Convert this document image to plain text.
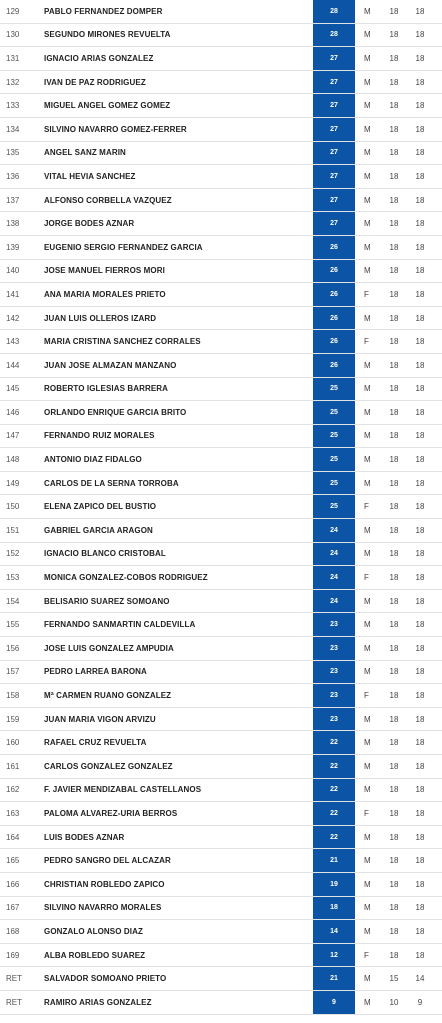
129	PABLO FERNANDEZ DOMPER	28	M	18	18
130	SEGUNDO MIRONES REVUELTA	28	M	18	18
131	IGNACIO ARIAS GONZALEZ	27	M	18	18
132	IVAN DE PAZ RODRIGUEZ	27	M	18	18
133	MIGUEL ANGEL GOMEZ GOMEZ	27	M	18	18
134	SILVINO NAVARRO GOMEZ-FERRER	27	M	18	18
135	ANGEL SANZ MARIN	27	M	18	18
136	VITAL HEVIA SANCHEZ	27	M	18	18
137	ALFONSO CORBELLA VAZQUEZ	27	M	18	18
138	JORGE BODES AZNAR	27	M	18	18
139	EUGENIO SERGIO FERNANDEZ GARCIA	26	M	18	18
140	JOSE MANUEL FIERROS MORI	26	M	18	18
141	ANA MARIA MORALES PRIETO	26	F	18	18
142	JUAN LUIS OLLEROS IZARD	26	M	18	18
143	MARIA CRISTINA SANCHEZ CORRALES	26	F	18	18
144	JUAN JOSE ALMAZAN MANZANO	26	M	18	18
145	ROBERTO IGLESIAS BARRERA	25	M	18	18
146	ORLANDO ENRIQUE GARCIA BRITO	25	M	18	18
147	FERNANDO RUIZ MORALES	25	M	18	18
148	ANTONIO DIAZ FIDALGO	25	M	18	18
149	CARLOS DE LA SERNA TORROBA	25	M	18	18
150	ELENA ZAPICO DEL BUSTIO	25	F	18	18
151	GABRIEL GARCIA ARAGON	24	M	18	18
152	IGNACIO BLANCO CRISTOBAL	24	M	18	18
153	MONICA GONZALEZ-COBOS RODRIGUEZ	24	F	18	18
154	BELISARIO SUAREZ SOMOANO	24	M	18	18
155	FERNANDO SANMARTIN CALDEVILLA	23	M	18	18
156	JOSE LUIS GONZALEZ AMPUDIA	23	M	18	18
157	PEDRO LARREA BARONA	23	M	18	18
158	Mª CARMEN RUANO GONZALEZ	23	F	18	18
159	JUAN MARIA VIGON ARVIZU	23	M	18	18
160	RAFAEL CRUZ REVUELTA	22	M	18	18
161	CARLOS GONZALEZ GONZALEZ	22	M	18	18
162	F. JAVIER MENDIZABAL CASTELLANOS	22	M	18	18
163	PALOMA ALVAREZ-URIA BERROS	22	F	18	18
164	LUIS BODES AZNAR	22	M	18	18
165	PEDRO SANGRO DEL ALCAZAR	21	M	18	18
166	CHRISTIAN ROBLEDO ZAPICO	19	M	18	18
167	SILVINO NAVARRO MORALES	18	M	18	18
168	GONZALO ALONSO DIAZ	14	M	18	18
169	ALBA ROBLEDO SUAREZ	12	F	18	18
RET	SALVADOR SOMOANO PRIETO	21	M	15	14
RET	RAMIRO ARIAS GONZALEZ	9	M	10	9
